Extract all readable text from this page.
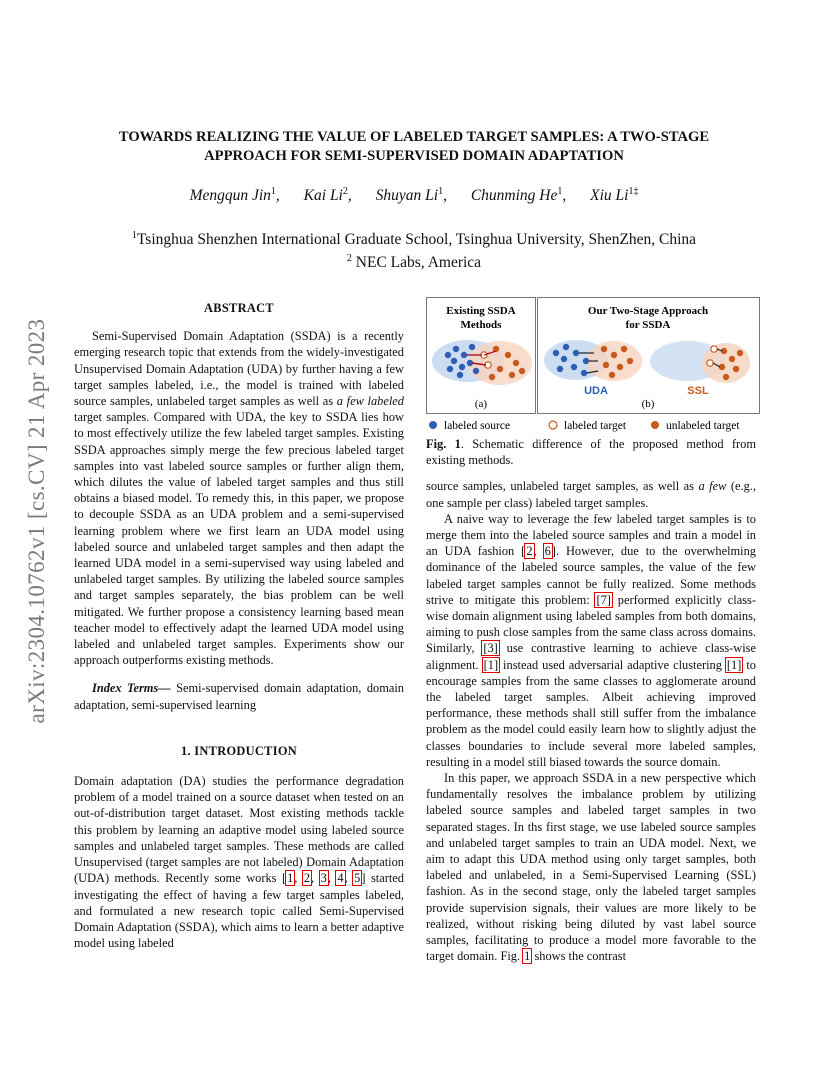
arXiv:2304.10762v1 [cs.CV] 21 Apr 2023
TOWARDS REALIZING THE VALUE OF LABELED TARGET SAMPLES: A TWO-STAGE
APPROACH FOR SEMI-SUPERVISED DOMAIN ADAPTATION
Mengqun Jin$^1$, Kai Li$^2$, Shuyan Li$^1$, Chunming He$^1$, Xiu $Li^{1\ddagger}$
$^1$Tsinghua Shenzhen International Graduate School, Tsinghua University, ShenZhen, China
$^2$ NEC Labs, America
ABSTRACT

Semi-Supervised Domain Adaptation (SSDA) is a recently emerging research topic that extends from the widely-investigated Unsupervised Domain Adaptation (UDA) by further having a few target samples labeled, i.e., the model is trained with labeled source samples, unlabeled target samples as well as a few labeled target samples. Compared with UDA, the key to SSDA lies how to most effectively utilize the few labeled target samples. Existing SSDA approaches simply merge the few precious labeled target samples into vast labeled source samples or further align them, which dilutes the value of labeled target samples and thus still obtains a biased model. To remedy this, in this paper, we propose to decouple SSDA as an UDA problem and a semi-supervised learning problem where we first learn an UDA model using labeled source and unlabeled target samples and then adapt the learned UDA model in a semi-supervised way using labeled and unlabeled target samples. By utilizing the labeled source samples and target samples separately, the bias problem can be well mitigated. We further propose a consistency learning based mean teacher model to effectively adapt the learned UDA model using labeled and unlabeled target samples. Experiments show our approach outperforms existing methods.

Index Terms— Semi-supervised domain adaptation, domain adaptation, semi-supervised learning

1. INTRODUCTION

Domain adaptation (DA) studies the performance degradation problem of a model trained on a source dataset when tested on an out-of-distribution target dataset. Most existing methods tackle this problem by learning an adaptive model using labeled source samples and unlabeled target samples. These methods are called Unsupervised (target samples are not labeled) Domain Adaptation (UDA) methods. Recently some works [1, 2, 3, 4, 5] started investigating the effect of having a few target samples labeled, and formulated a new research topic called Semi-Supervised Domain Adaptation (SSDA), which aims to learn a better adaptive model using labeled

Existing SSDA
Methods
Our Two-Stage Approach
for SSDA
(a)
UDA	SSL
(b)
labeled source	labeled target	unlabeled target

Fig. 1. Schematic difference of the proposed method from existing methods.

source samples, unlabeled target samples, as well as a few (e.g., one sample per class) labeled target samples.

A naive way to leverage the few labeled target samples is to merge them into the labeled source samples and train a model in an UDA fashion [2, 6]. However, due to the overwhelming dominance of the labeled source samples, the value of the few labeled target samples cannot be fully realized. Some methods strive to mitigate this problem: [7] performed explicitly class-wise domain alignment using labeled samples from both domains, aiming to push close samples from the same class across domains. Similarly, [3] use contrastive learning to achieve class-wise alignment. [1] instead used adversarial adaptive clustering [1] to encourage samples from the same classes to agglomerate around the labeled target samples. Albeit achieving improved performance, these methods shall still suffer from the imbalance problem as the model could easily learn how to slightly adjust the classes boundaries to include several more labeled samples, resulting in a model still biased towards the source domain.

In this paper, we approach SSDA in a new perspective which fundamentally resolves the imbalance problem by utilizing labeled source samples and labeled target samples in two separated stages. In ths first stage, we use labeled source samples and unlabeled target samples to train an UDA model. Next, we aim to adapt this UDA method using only target samples, both labeled and unlabeled, in a Semi-Supervised Learning (SSL) fashion. As in the second stage, only the labeled target samples provide supervision signals, their values are more likely to be realized, without risking being diluted by vast label source samples, facilitating to produce a model more favorable to the target domain. Fig. 1 shows the contrast
